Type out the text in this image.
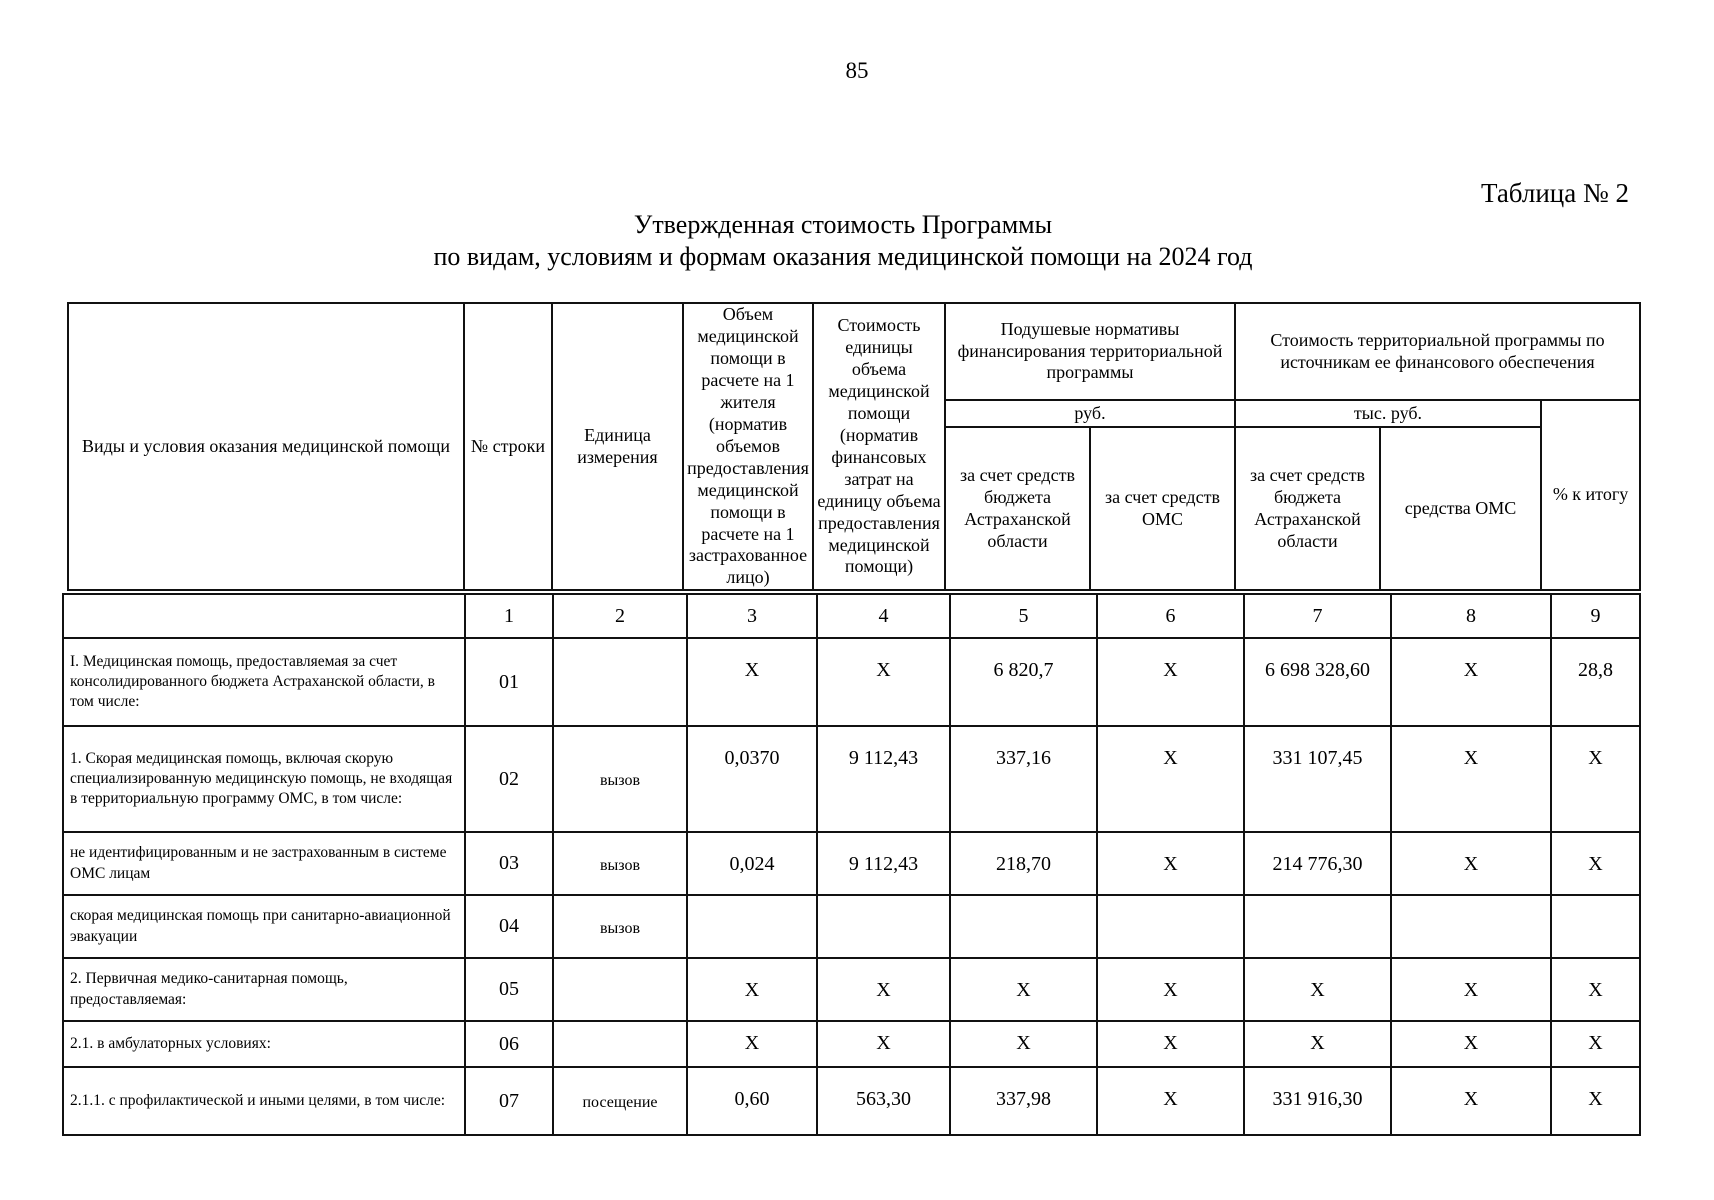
85
Таблица № 2
Утвержденная стоимость Программы
по видам, условиям и формам оказания медицинской помощи на 2024 год
Виды и условия оказания медицинской помощи	№ строки	Единица измерения	Объем медицинской помощи в расчете на 1 жителя (норматив объемов предоставления медицинской помощи в расчете на 1 застрахованное лицо)	Стоимость единицы объема медицинской помощи (норматив финансовых затрат на единицу объема предоставления медицинской помощи)	Подушевые нормативы финансирования территориальной программы		Стоимость территориальной программы по источникам ее финансового обеспечения		
					руб.		тыс. руб.		% к итогу
					за счет средств бюджета Астраханской области	за счет средств ОМС	за счет средств бюджета Астраханской области	средства ОМС	
	1	2	3	4	5	6	7	8	9
I. Медицинская помощь, предоставляемая за счет консолидированного бюджета Астраханской области, в том числе:	01		X	X	6 820,7	X	6 698 328,60	X	28,8
1. Скорая медицинская помощь, включая скорую специализированную медицинскую помощь, не входящая в территориальную программу ОМС, в том числе:	02	вызов	0,0370	9 112,43	337,16	X	331 107,45	X	X
не идентифицированным и не застрахованным в системе ОМС лицам	03	вызов	0,024	9 112,43	218,70	X	214 776,30	X	X
скорая медицинская помощь при санитарно-авиационной эвакуации	04	вызов							
2. Первичная медико-санитарная помощь, предоставляемая:	05		X	X	X	X	X	X	X
2.1. в амбулаторных условиях:	06		X	X	X	X	X	X	X
2.1.1. с профилактической и иными целями, в том числе:	07	посещение	0,60	563,30	337,98	X	331 916,30	X	X
